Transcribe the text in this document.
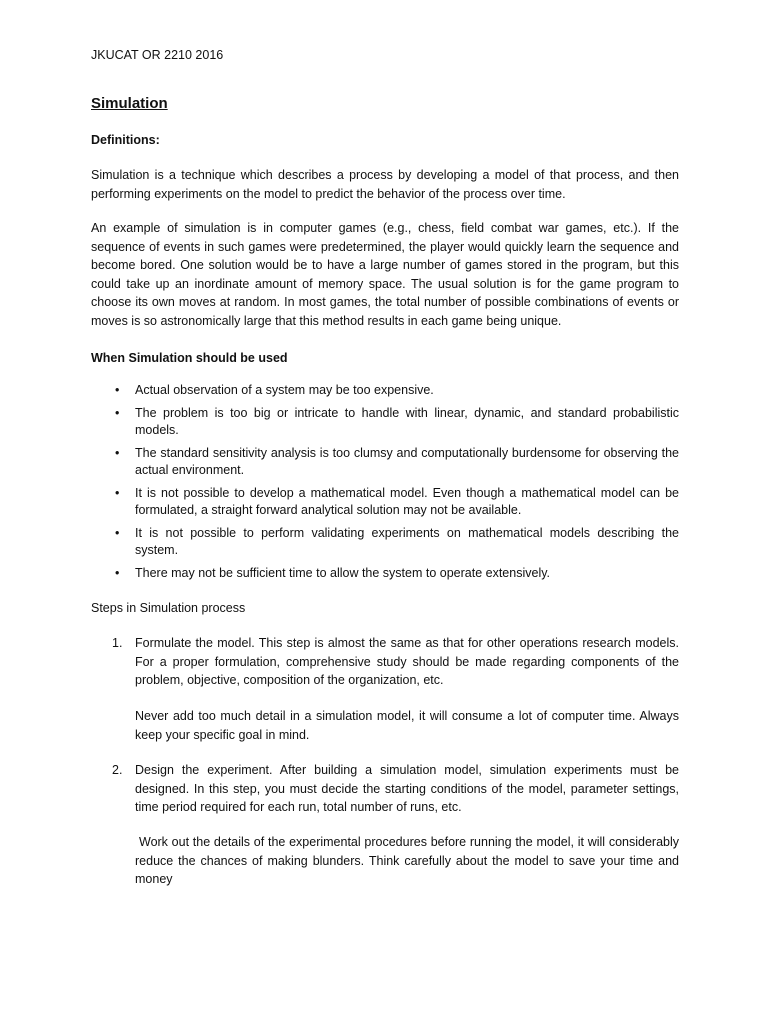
JKUCAT OR 2210 2016
Simulation
Definitions:

Simulation is a technique which describes a process by developing a model of that process, and then performing experiments on the model to predict the behavior of the process over time.

An example of simulation is in computer games (e.g., chess, field combat war games, etc.). If the sequence of events in such games were predetermined, the player would quickly learn the sequence and become bored. One solution would be to have a large number of games stored in the program, but this could take up an inordinate amount of memory space. The usual solution is for the game program to choose its own moves at random. In most games, the total number of possible combinations of events or moves is so astronomically large that this method results in each game being unique.

When Simulation should be used
• Actual observation of a system may be too expensive.
• The problem is too big or intricate to handle with linear, dynamic, and standard probabilistic models.
• The standard sensitivity analysis is too clumsy and computationally burdensome for observing the actual environment.
• It is not possible to develop a mathematical model. Even though a mathematical model can be formulated, a straight forward analytical solution may not be available.
• It is not possible to perform validating experiments on mathematical models describing the system.
• There may not be sufficient time to allow the system to operate extensively.
Steps in Simulation process
1. Formulate the model. This step is almost the same as that for other operations research models. For a proper formulation, comprehensive study should be made regarding components of the problem, objective, composition of the organization, etc.

Never add too much detail in a simulation model, it will consume a lot of computer time. Always keep your specific goal in mind.

2. Design the experiment. After building a simulation model, simulation experiments must be designed. In this step, you must decide the starting conditions of the model, parameter settings, time period required for each run, total number of runs, etc.

Work out the details of the experimental procedures before running the model, it will considerably reduce the chances of making blunders. Think carefully about the model to save your time and money
